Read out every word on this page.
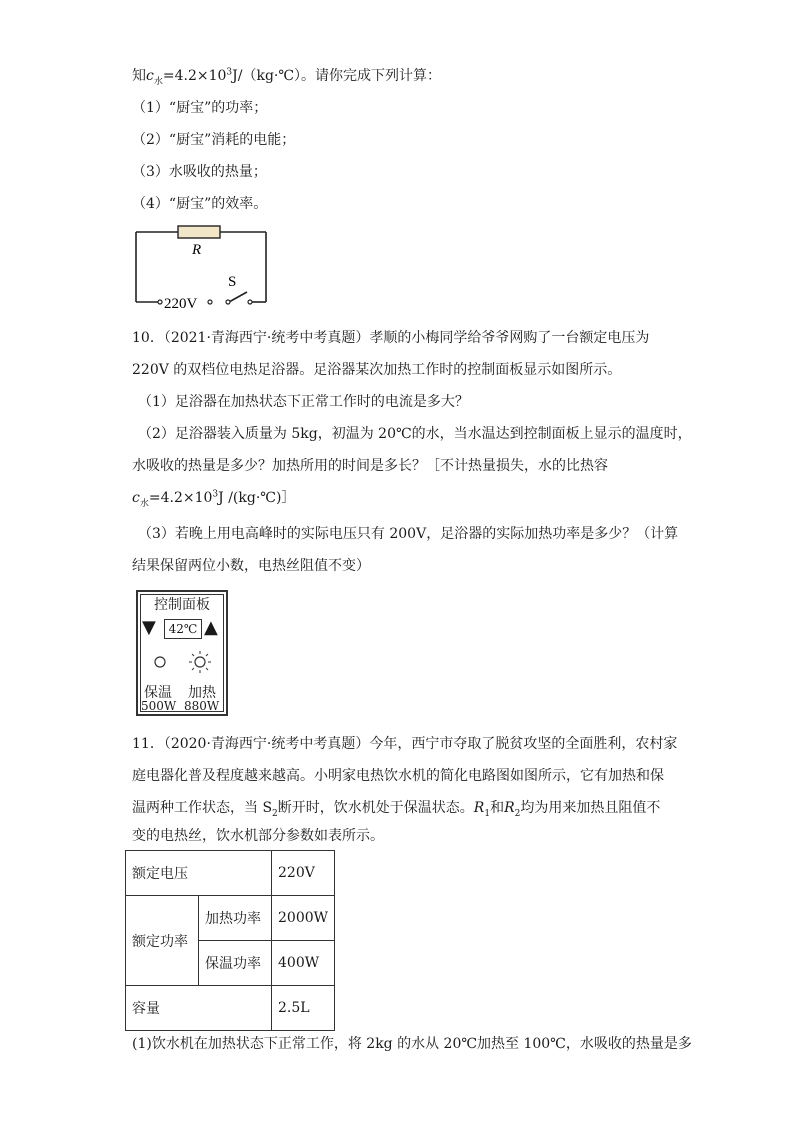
知$c_水=4.2\times 10^3J/(kg\cdot℃)$。请你完成下列计算：
（1）“厨宝”的功率；
（2）“厨宝”消耗的电能；
（3）水吸收的热量；
（4）“厨宝”的效率。
R
S
220V
10．（2021·青海西宁·统考中考真题）孝顺的小梅同学给爷爷网购了一台额定电压为
220V 的双档位电热足浴器。足浴器某次加热工作时的控制面板显示如图所示。
（1）足浴器在加热状态下正常工作时的电流是多大？
（2）足浴器装入质量为 5kg，初温为 20℃的水，当水温达到控制面板上显示的温度时，
水吸收的热量是多少？加热所用的时间是多长？［不计热量损失，水的比热容
$c_水=4.2\times 10^3J$ /(kg·℃)］
（3）若晚上用电高峰时的实际电压只有 200V，足浴器的实际加热功率是多少？（计算
结果保留两位小数，电热丝阻值不变）
控制面板
▼	42℃ ▲
保温 加热
500W 880W
11．（2020·青海西宁·统考中考真题）今年，西宁市夺取了脱贫攻坚的全面胜利，农村家
庭电器化普及程度越来越高。小明家电热饮水机的简化电路图如图所示，它有加热和保
温两种工作状态，当 $S_2$断开时，饮水机处于保温状态。$R_1$和$R_2$均为用来加热且阻值不
变的电热丝，饮水机部分参数如表所示。
额定电压		220V
额定功率	加热功率	2000W
	保温功率	400W
容量		2.5L
(1)饮水机在加热状态下正常工作，将 2kg 的水从 20℃加热至 100℃，水吸收的热量是多
